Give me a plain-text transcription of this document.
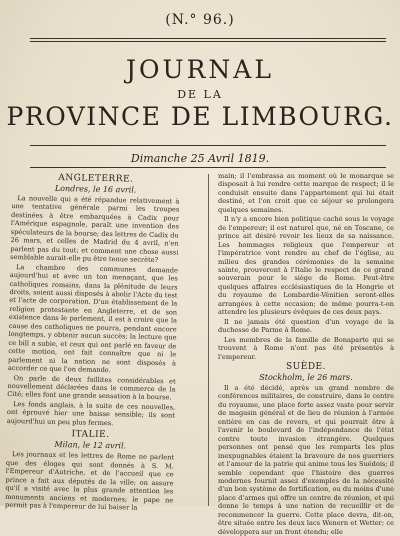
(N.° 96.)
JOURNAL
DE LA
PROVINCE DE LIMBOURG.
Dimanche 25 Avril 1819.
ANGLETERRE.
Londres, le 16 avril.

La nouvelle qui a été répandue relativement à une tentative générale parmi les troupes destinées à être embarquées à Cadix pour l'Amérique espagnole, paraît une invention des spéculateurs de la bourse; des lettres de Cadix du 26 mars, et celles de Madrid du 4 avril, n'en parlent pas du tout; et comment une chose aussi semblable aurait-elle pu être tenue secrète?

La chambre des communes demande aujourd'hui et avec un ton menaçant, que les catholiques romains, dans la plénitude de leurs droits, soient aussi disposés à abolir l'Acte du test et l'acte de corporation. D'un établissement de la religion protestante en Angleterre, et de son existence dans le parlement, il est à croire que la cause des catholiques ne pourra, pendant encore longtemps, y obtenir aucun succès; la lecture que ce bill a subie, et ceux qui ont parlé en faveur de cette motion, ont fait connaître que ni le parlement ni la nation ne sont disposés à accorder ce que l'on demande.

On parle de deux faillites considérables et nouvellement déclarées dans le commerce de la Cité; elles font une grande sensation à la bourse.

Les fonds anglais, à la suite de ces nouvelles, ont éprouvé hier une baisse sensible; ils sont aujourd'hui un peu plus fermes.

ITALIE.
Milan, le 12 avril.

Les journaux et les lettres de Rome ne parlent que des éloges qui sont donnés à S. M. l'Empereur d'Autriche, et de l'accueil que ce prince a fait aux députés de la ville; on assure qu'il a visité avec la plus grande attention les monuments anciens et modernes; le pape ne permit pas à l'empereur de lui baiser la

main; il l'embrassa au moment où le monarque se disposait à lui rendre cette marque de respect; il le conduisit ensuite dans l'appartement qui lui était destiné, et l'on croit que ce séjour se prolongera quelques semaines.

Il n'y a encore bien politique caché sous le voyage de l'empereur; il est naturel que, né en Toscane, ce prince ait désiré revoir les lieux de sa naissance. Les hommages religieux que l'empereur et l'impératrice vont rendre au chef de l'église, au milieu des grandes cérémonies de la semaine sainte, prouveront à l'Italie le respect de ce grand souverain pour le siège de Rome. Peut-être quelques affaires ecclésiastiques de la Hongrie et du royaume de Lombardie-Vénitien seront-elles arrangées à cette occasion; de même pourra-t-on attendre les plusieurs évêques de ces deux pays.

Il ne jamais été question d'un voyage de la duchesse de Parme à Rome.

Les membres de la famille de Bonaparte qui se trouvent à Rome n'ont pas été présentés à l'empereur.

SUÈDE.
Stockholm, le 26 mars.

Il a été décidé, après un grand nombre de conférences militaires, de construire, dans le centre du royaume, une place forte assez vaste pour servir de magasin général et de lieu de réunion à l'armée entière en cas de revers, et qui pourrait être à l'avenir le boulevard de l'indépendance de l'état contre toute invasion étrangère. Quelques personnes ont pensé que les remparts les plus inexpugnables étaient la bravoure de nos guerriers et l'amour de la patrie qui anime tous les Suédois; il semble cependant que l'histoire des guerres modernes fournit assez d'exemples de la nécessité d'un bon système de fortification, ou du moins d'une place d'armes qui offre un centre de réunion, et qui donne le temps à une nation de recueillir et de recommencer la guerre. Cette place devra, dit-on, être située entre les deux lacs Wenern et Wetter; ce développera sur un front étendu; elle
